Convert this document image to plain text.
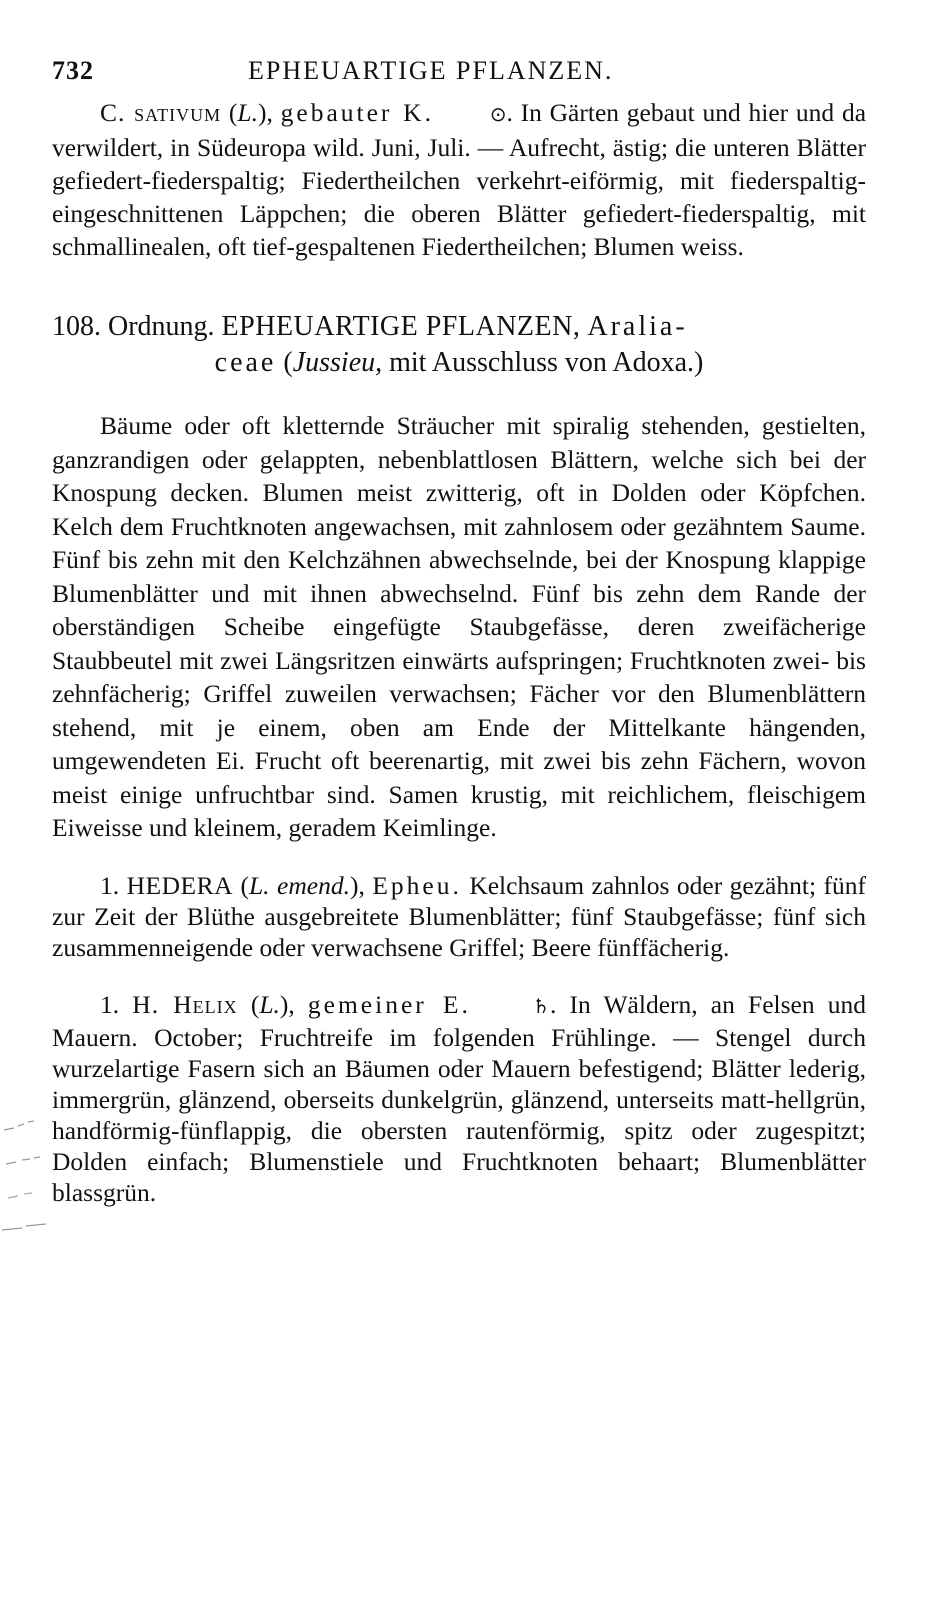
732	EPHEUARTIGE PFLANZEN.

C. sativum (L.), gebauter K.	⊙. In Gärten gebaut und hier und da verwildert, in Südeuropa wild. Juni, Juli. — Aufrecht, ästig; die unteren Blätter gefiedert-fiederspaltig; Fiedertheilchen verkehrt-eiförmig, mit fiederspaltig-eingeschnittenen Läppchen; die oberen Blätter gefiedert-fiederspaltig, mit schmallinealen, oft tief-gespaltenen Fiedertheilchen; Blumen weiss.

108. Ordnung. EPHEUARTIGE PFLANZEN, Aralia-
ceae (Jussieu, mit Ausschluss von Adoxa.)

Bäume oder oft kletternde Sträucher mit spiralig stehenden, gestielten, ganzrandigen oder gelappten, nebenblattlosen Blättern, welche sich bei der Knospung decken. Blumen meist zwitterig, oft in Dolden oder Köpfchen. Kelch dem Fruchtknoten angewachsen, mit zahnlosem oder gezähntem Saume. Fünf bis zehn mit den Kelchzähnen abwechselnde, bei der Knospung klappige Blumenblätter und mit ihnen abwechselnd. Fünf bis zehn dem Rande der oberständigen Scheibe eingefügte Staubgefässe, deren zweifächerige Staubbeutel mit zwei Längsritzen einwärts aufspringen; Fruchtknoten zwei- bis zehnfächerig; Griffel zuweilen verwachsen; Fächer vor den Blumenblättern stehend, mit je einem, oben am Ende der Mittelkante hängenden, umgewendeten Ei. Frucht oft beerenartig, mit zwei bis zehn Fächern, wovon meist einige unfruchtbar sind. Samen krustig, mit reichlichem, fleischigem Eiweisse und kleinem, geradem Keimlinge.

1. HEDERA (L. emend.), Epheu. Kelchsaum zahnlos oder gezähnt; fünf zur Zeit der Blüthe ausgebreitete Blumenblätter; fünf Staubgefässe; fünf sich zusammenneigende oder verwachsene Griffel; Beere fünffächerig.

1. H. Helix (L.), gemeiner E.	♄. In Wäldern, an Felsen und Mauern. October; Fruchtreife im folgenden Frühlinge. — Stengel durch wurzelartige Fasern sich an Bäumen oder Mauern befestigend; Blätter lederig, immergrün, glänzend, oberseits dunkelgrün, glänzend, unterseits matt-hellgrün, handförmig-fünflappig, die obersten rautenförmig, spitz oder zugespitzt; Dolden einfach; Blumenstiele und Fruchtknoten behaart; Blumenblätter blassgrün.
